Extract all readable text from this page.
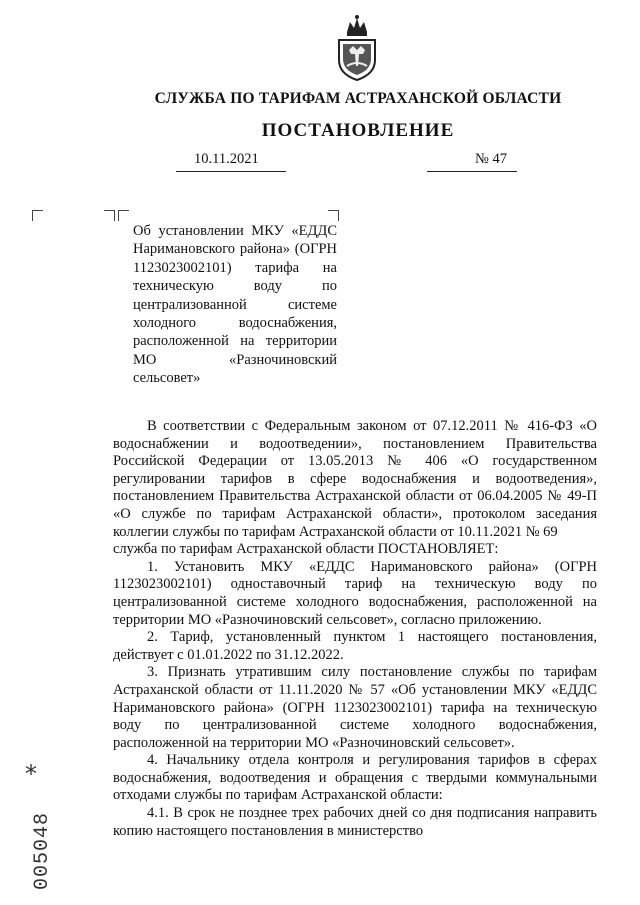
СЛУЖБА ПО ТАРИФАМ АСТРАХАНСКОЙ ОБЛАСТИ
ПОСТАНОВЛЕНИЕ
10.11.2021	№ 47
Об установлении МКУ «ЕДДС Наримановского района» (ОГРН 1123023002101) тарифа на техническую воду по централизованной системе холодного водоснабжения, расположенной на территории МО «Разночиновский сельсовет»

В соответствии с Федеральным законом от 07.12.2011 № 416-ФЗ «О водоснабжении и водоотведении», постановлением Правительства Российской Федерации от 13.05.2013 № 406 «О государственном регулировании тарифов в сфере водоснабжения и водоотведения», постановлением Правительства Астраханской области от 06.04.2005 № 49-П «О службе по тарифам Астраханской области», протоколом заседания коллегии службы по тарифам Астраханской области от 10.11.2021 № 69

служба по тарифам Астраханской области ПОСТАНОВЛЯЕТ:

1. Установить МКУ «ЕДДС Наримановского района» (ОГРН 1123023002101) одноставочный тариф на техническую воду по централизованной системе холодного водоснабжения, расположенной на территории МО «Разночиновский сельсовет», согласно приложению.

2. Тариф, установленный пунктом 1 настоящего постановления, действует с 01.01.2022 по 31.12.2022.

3. Признать утратившим силу постановление службы по тарифам Астраханской области от 11.11.2020 № 57 «Об установлении МКУ «ЕДДС Наримановского района» (ОГРН 1123023002101) тарифа на техническую воду по централизованной системе холодного водоснабжения, расположенной на территории МО «Разночиновский сельсовет».

4. Начальнику отдела контроля и регулирования тарифов в сферах водоснабжения, водоотведения и обращения с твердыми коммунальными отходами службы по тарифам Астраханской области:

4.1. В срок не позднее трех рабочих дней со дня подписания направить копию настоящего постановления в министерство

*
005048
